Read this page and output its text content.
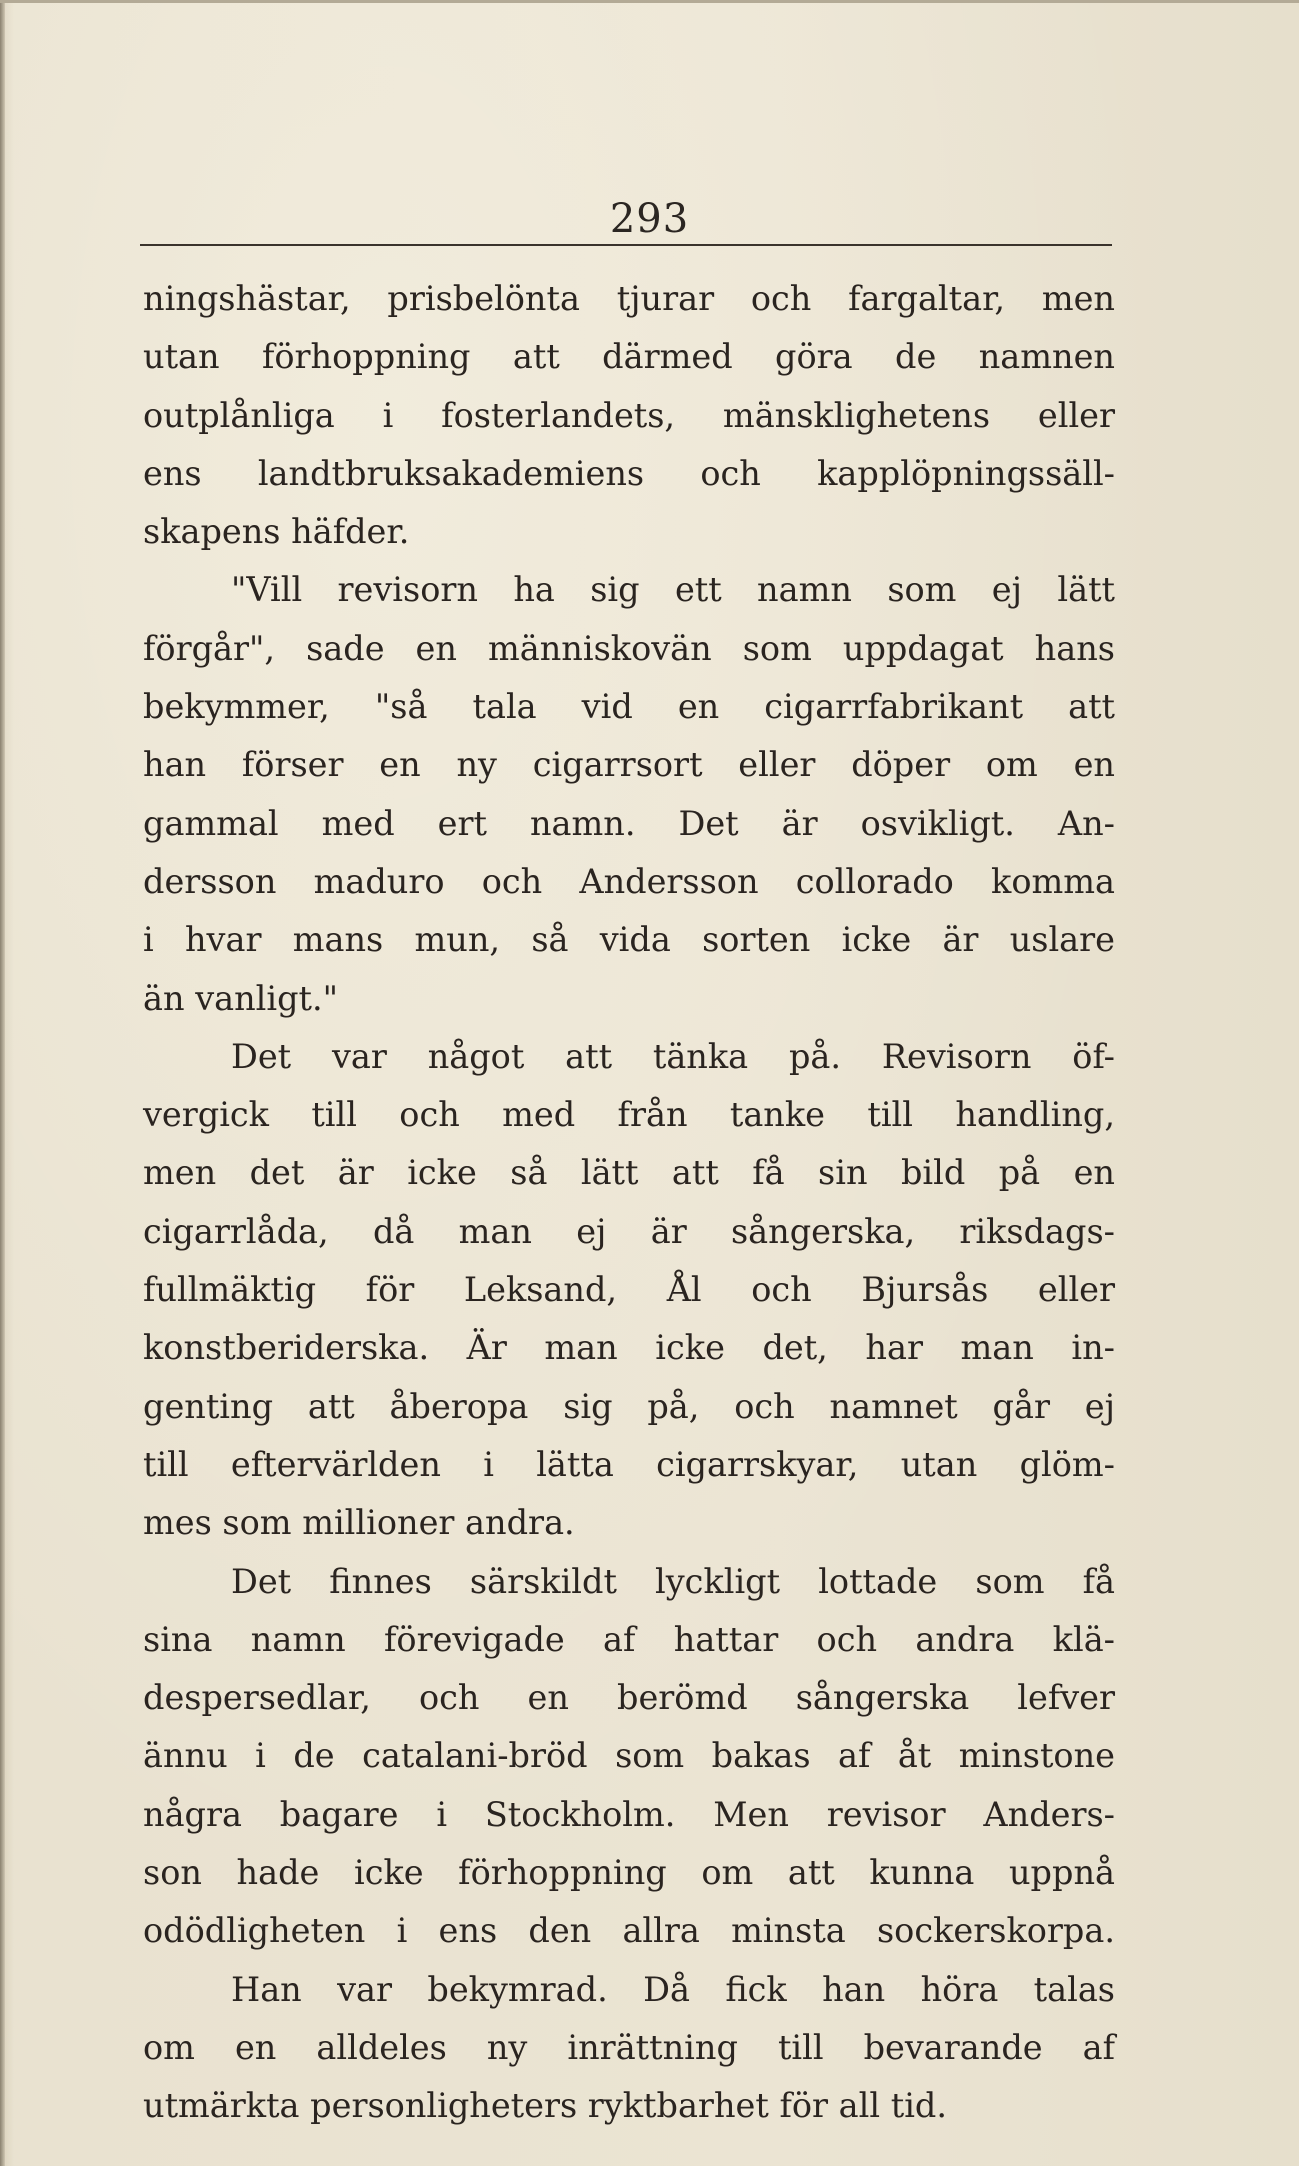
293
ningshästar, prisbelönta tjurar och fargaltar, men
utan förhoppning att därmed göra de namnen
outplånliga i fosterlandets, mänsklighetens eller
ens landtbruksakademiens och kapplöpningssäll-
skapens häfder.
"Vill revisorn ha sig ett namn som ej lätt
förgår", sade en människovän som uppdagat hans
bekymmer, "så tala vid en cigarrfabrikant att
han förser en ny cigarrsort eller döper om en
gammal med ert namn. Det är osvikligt. An-
dersson maduro och Andersson collorado komma
i hvar mans mun, så vida sorten icke är uslare
än vanligt."
Det var något att tänka på. Revisorn öf-
vergick till och med från tanke till handling,
men det är icke så lätt att få sin bild på en
cigarrlåda, då man ej är sångerska, riksdags-
fullmäktig för Leksand, Ål och Bjursås eller
konstberiderska. Är man icke det, har man in-
genting att åberopa sig på, och namnet går ej
till eftervärlden i lätta cigarrskyar, utan glöm-
mes som millioner andra.
Det finnes särskildt lyckligt lottade som få
sina namn förevigade af hattar och andra klä-
despersedlar, och en berömd sångerska lefver
ännu i de catalani-bröd som bakas af åt minstone
några bagare i Stockholm. Men revisor Anders-
son hade icke förhoppning om att kunna uppnå
odödligheten i ens den allra minsta sockerskorpa.
Han var bekymrad. Då fick han höra talas
om en alldeles ny inrättning till bevarande af
utmärkta personligheters ryktbarhet för all tid.
